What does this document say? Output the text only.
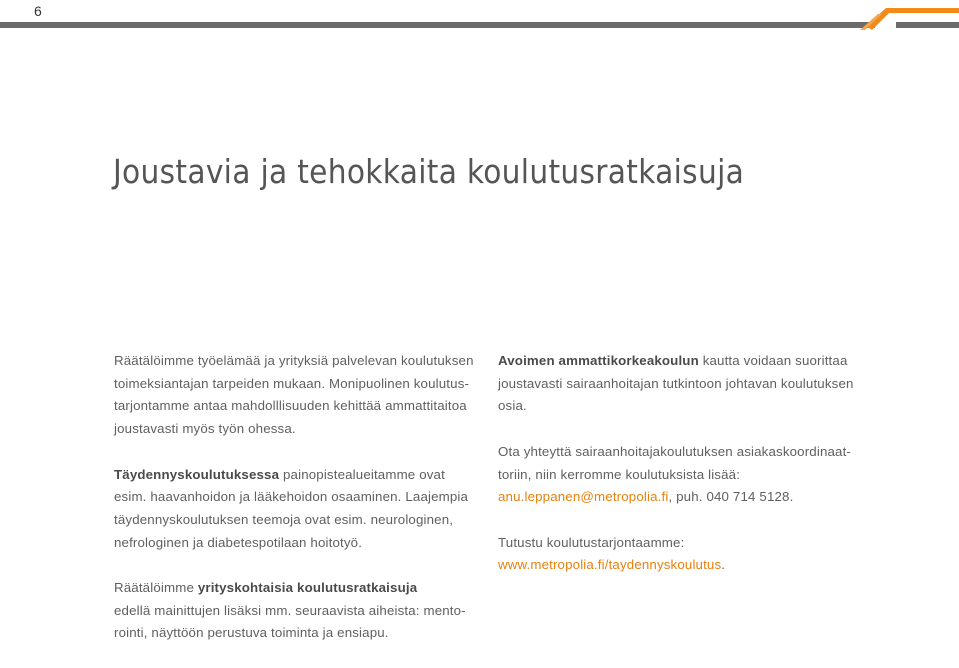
6
Joustavia ja tehokkaita koulutusratkaisuja

Räätälöimme työelämää ja yrityksiä palvelevan koulutuksen
toimeksiantajan tarpeiden mukaan. Monipuolinen koulutus-
tarjontamme antaa mahdolllisuuden kehittää ammattitaitoa
joustavasti myös työn ohessa.

Täydennyskoulutuksessa painopistealueitamme ovat
esim. haavanhoidon ja lääkehoidon osaaminen. Laajempia
täydennyskoulutuksen teemoja ovat esim. neurologinen,
nefrologinen ja diabetespotilaan hoitotyö.

Räätälöimme yrityskohtaisia koulutusratkaisuja
edellä mainittujen lisäksi mm. seuraavista aiheista: mento-
rointi, näyttöön perustuva toiminta ja ensiapu.

Avoimen ammattikorkeakoulun kautta voidaan suorittaa
joustavasti sairaanhoitajan tutkintoon johtavan koulutuksen
osia.

Ota yhteyttä sairaanhoitajakoulutuksen asiakaskoordinaat-
toriin, niin kerromme koulutuksista lisää:
anu.leppanen@metropolia.fi, puh. 040 714 5128.

Tutustu koulutustarjontaamme:
www.metropolia.fi/taydennyskoulutus.
